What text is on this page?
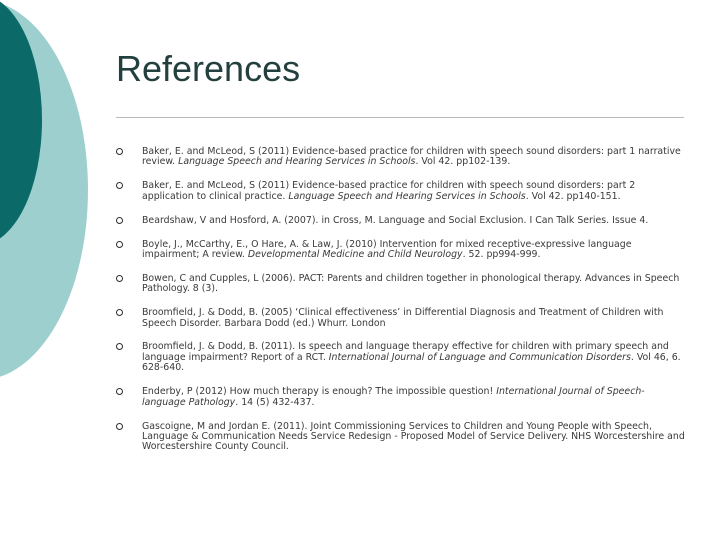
References
Baker, E. and McLeod, S (2011) Evidence-based practice for children with speech sound disorders: part 1 narrative review. Language Speech and Hearing Services in Schools. Vol 42. pp102-139.
Baker, E. and McLeod, S (2011) Evidence-based practice for children with speech sound disorders: part 2 application to clinical practice. Language Speech and Hearing Services in Schools. Vol 42. pp140-151.
Beardshaw, V and Hosford, A. (2007). in Cross, M. Language and Social Exclusion. I Can Talk Series. Issue 4.
Boyle, J., McCarthy, E., O Hare, A. & Law, J. (2010) Intervention for mixed receptive-expressive language impairment; A review. Developmental Medicine and Child Neurology. 52. pp994-999.
Bowen, C and Cupples, L (2006). PACT: Parents and children together in phonological therapy. Advances in Speech Pathology. 8 (3).
Broomfield, J. & Dodd, B. (2005) ‘Clinical effectiveness’ in Differential Diagnosis and Treatment of Children with Speech Disorder. Barbara Dodd (ed.) Whurr. London
Broomfield, J. & Dodd, B. (2011). Is speech and language therapy effective for children with primary speech and language impairment? Report of a RCT. International Journal of Language and Communication Disorders. Vol 46, 6. 628-640.
Enderby, P (2012) How much therapy is enough? The impossible question! International Journal of Speech-language Pathology. 14 (5) 432-437.
Gascoigne, M and Jordan E. (2011). Joint Commissioning Services to Children and Young People with Speech, Language & Communication Needs Service Redesign - Proposed Model of Service Delivery. NHS Worcestershire and Worcestershire County Council.
